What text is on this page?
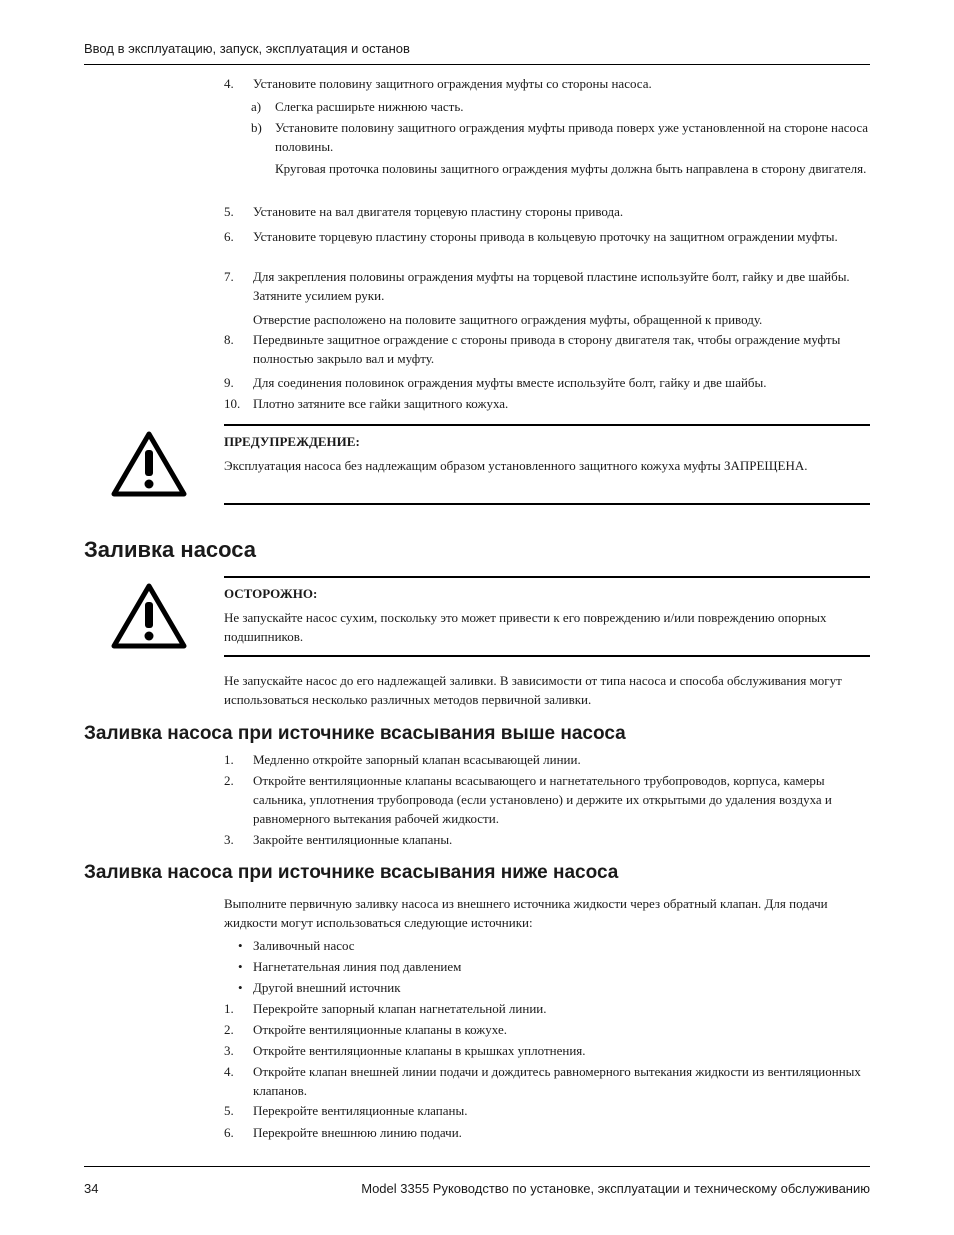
Ввод в эксплуатацию, запуск, эксплуатация и останов
4. Установите половину защитного ограждения муфты со стороны насоса.
a) Слегка расширьте нижнюю часть.
b) Установите половину защитного ограждения муфты привода поверх уже установленной на стороне насоса половины.
Круговая проточка половины защитного ограждения муфты должна быть направлена в сторону двигателя.
5. Установите на вал двигателя торцевую пластину стороны привода.
6. Установите торцевую пластину стороны привода в кольцевую проточку на защитном ограждении муфты.
7. Для закрепления половины ограждения муфты на торцевой пластине используйте болт, гайку и две шайбы. Затяните усилием руки.
Отверстие расположено на половите защитного ограждения муфты, обращенной к приводу.
8. Передвиньте защитное ограждение с стороны привода в сторону двигателя так, чтобы ограждение муфты полностью закрыло вал и муфту.
9. Для соединения половинок ограждения муфты вместе используйте болт, гайку и две шайбы.
10. Плотно затяните все гайки защитного кожуха.
ПРЕДУПРЕЖДЕНИЕ:
Эксплуатация насоса без надлежащим образом установленного защитного кожуха муфты ЗАПРЕЩЕНА.
Заливка насоса
ОСТОРОЖНО:
Не запускайте насос сухим, поскольку это может привести к его повреждению и/или повреждению опорных подшипников.
Не запускайте насос до его надлежащей заливки. В зависимости от типа насоса и способа обслуживания могут использоваться несколько различных методов первичной заливки.
Заливка насоса при источнике всасывания выше насоса
1. Медленно откройте запорный клапан всасывающей линии.
2. Откройте вентиляционные клапаны всасывающего и нагнетательного трубопроводов, корпуса, камеры сальника, уплотнения трубопровода (если установлено) и держите их открытыми до удаления воздуха и равномерного вытекания рабочей жидкости.
3. Закройте вентиляционные клапаны.
Заливка насоса при источнике всасывания ниже насоса
Выполните первичную заливку насоса из внешнего источника жидкости через обратный клапан. Для подачи жидкости могут использоваться следующие источники:
• Заливочный насос
• Нагнетательная линия под давлением
• Другой внешний источник
1. Перекройте запорный клапан нагнетательной линии.
2. Откройте вентиляционные клапаны в кожухе.
3. Откройте вентиляционные клапаны в крышках уплотнения.
4. Откройте клапан внешней линии подачи и дождитесь равномерного вытекания жидкости из вентиляционных клапанов.
5. Перекройте вентиляционные клапаны.
6. Перекройте внешнюю линию подачи.
34	Model 3355 Руководство по установке, эксплуатации и техническому обслуживанию
